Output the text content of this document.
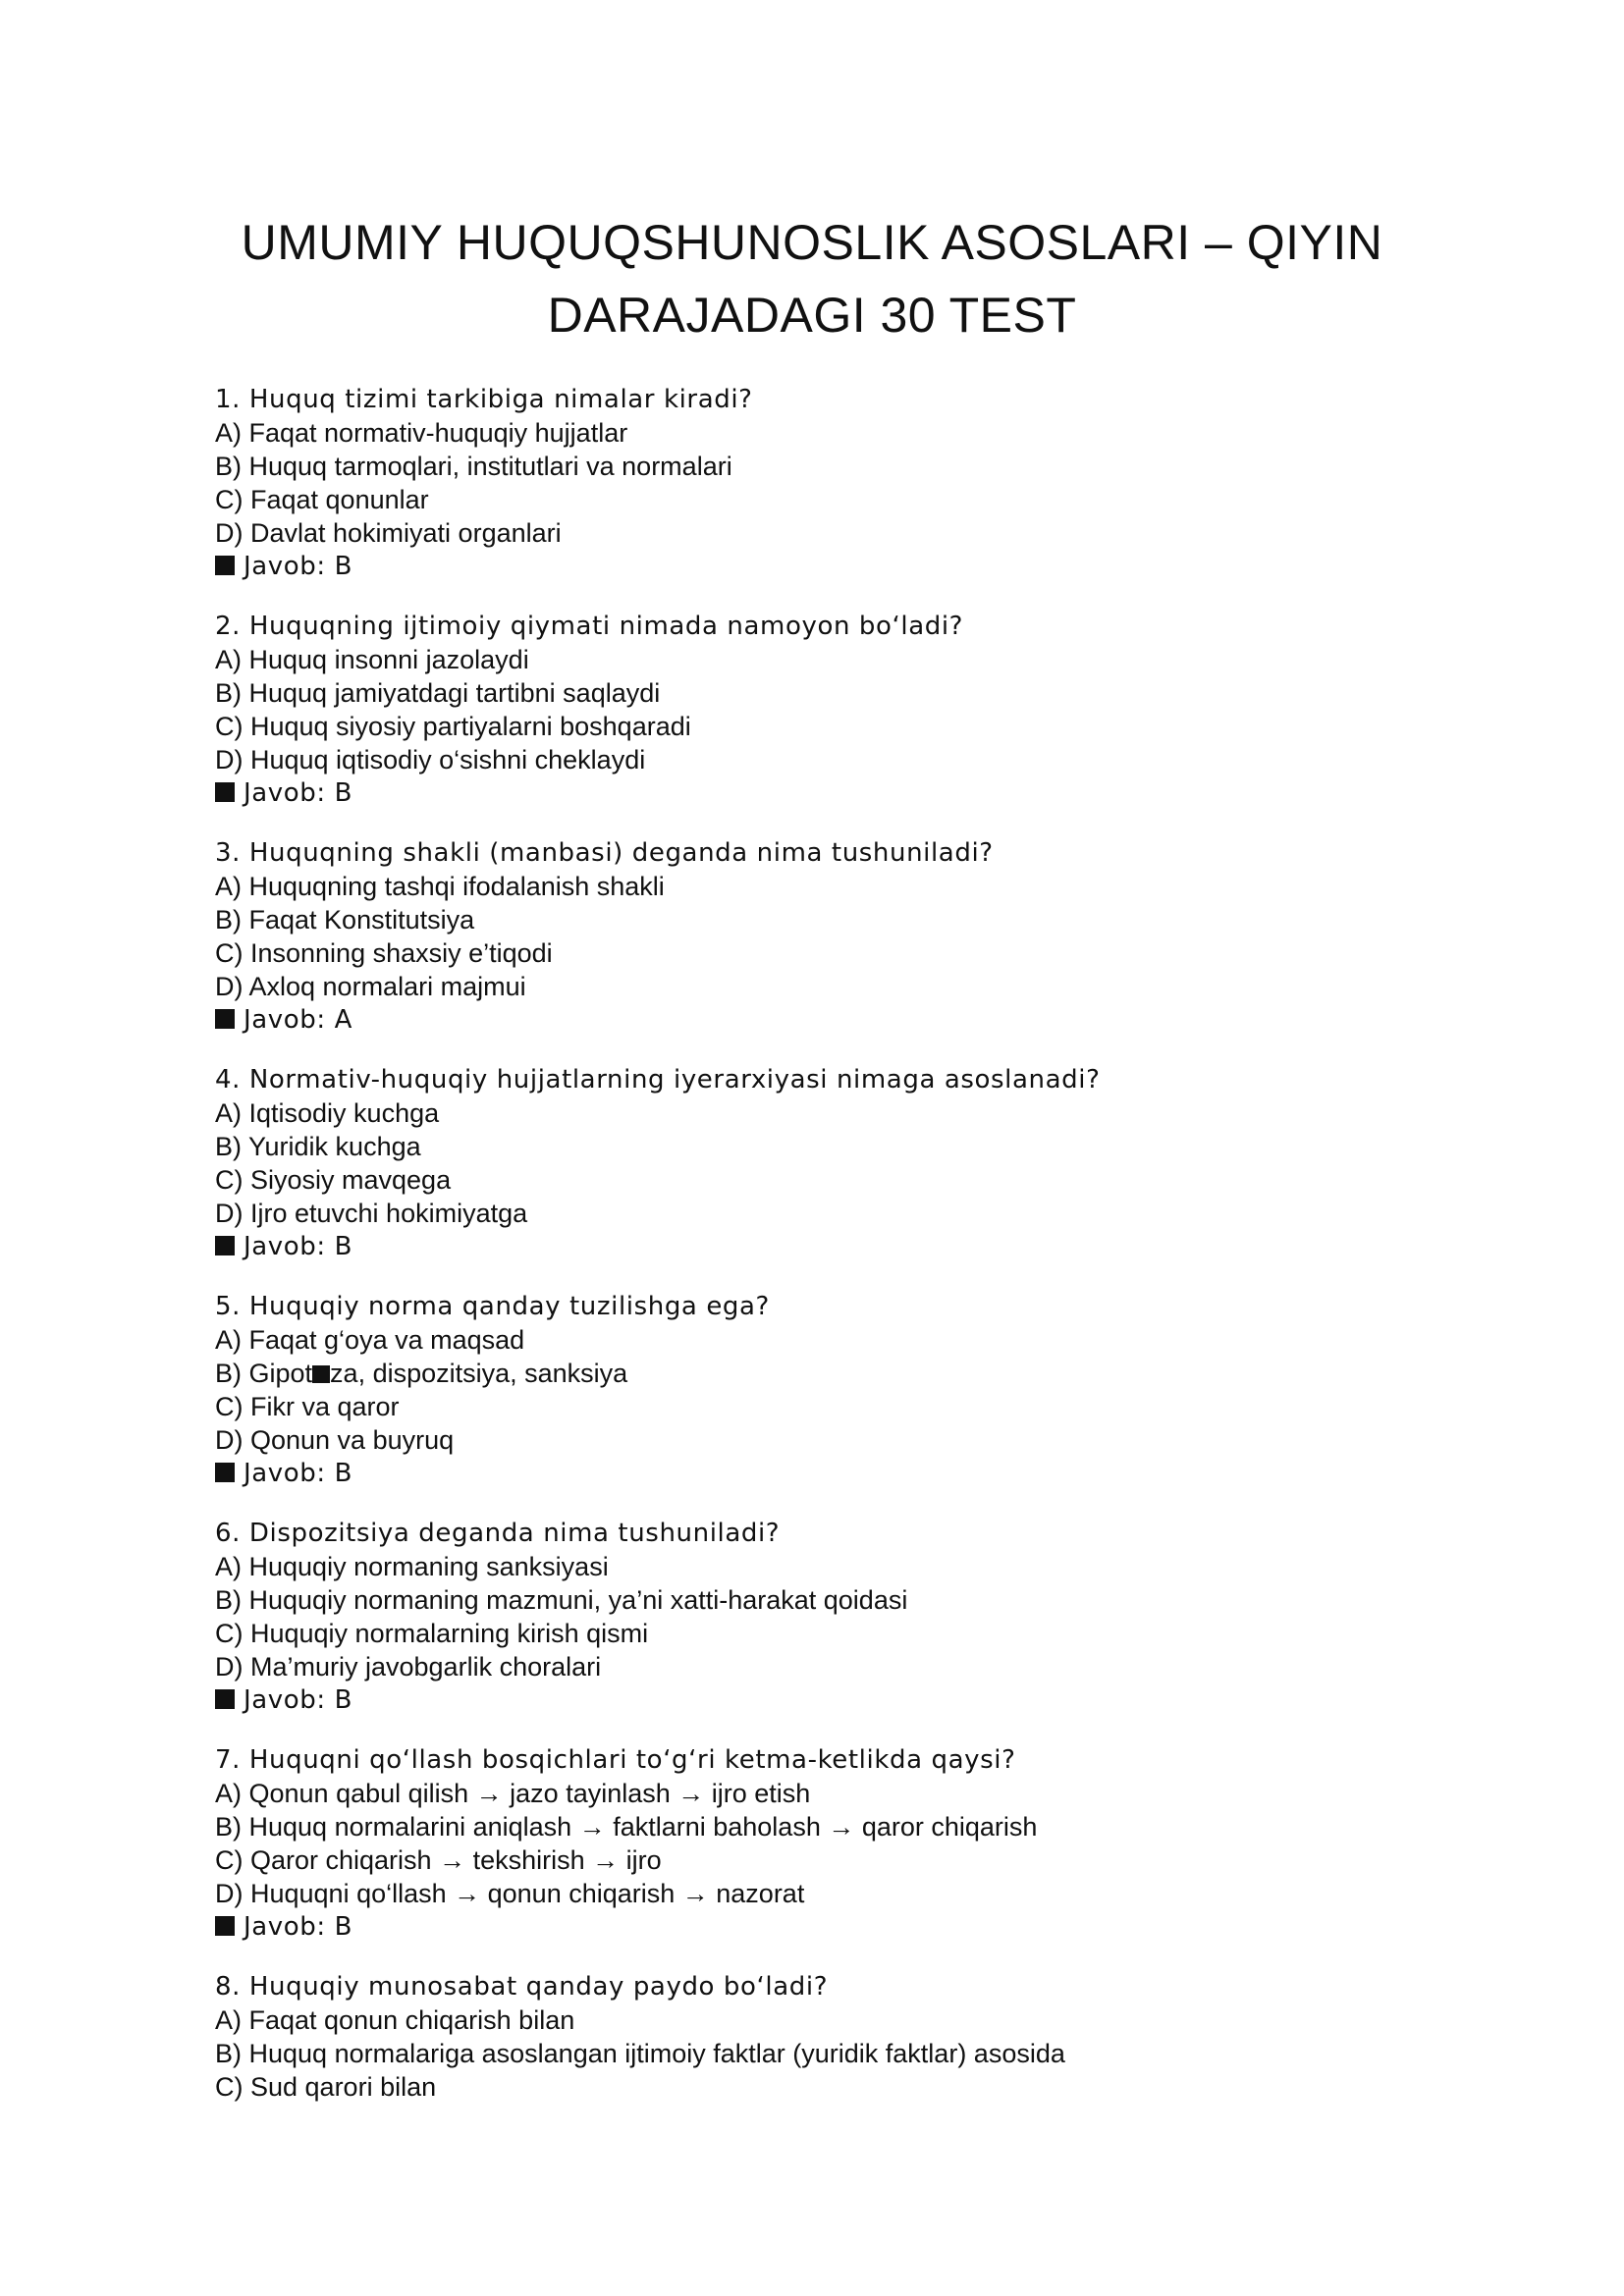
UMUMIY HUQUQSHUNOSLIK ASOSLARI – QIYIN
DARAJADAGI 30 TEST
1. Huquq tizimi tarkibiga nimalar kiradi?
A) Faqat normativ-huquqiy hujjatlar
B) Huquq tarmoqlari, institutlari va normalari
C) Faqat qonunlar
D) Davlat hokimiyati organlari
Javob: B
2. Huquqning ijtimoiy qiymati nimada namoyon bo‘ladi?
A) Huquq insonni jazolaydi
B) Huquq jamiyatdagi tartibni saqlaydi
C) Huquq siyosiy partiyalarni boshqaradi
D) Huquq iqtisodiy o‘sishni cheklaydi
Javob: B
3. Huquqning shakli (manbasi) deganda nima tushuniladi?
A) Huquqning tashqi ifodalanish shakli
B) Faqat Konstitutsiya
C) Insonning shaxsiy e’tiqodi
D) Axloq normalari majmui
Javob: A
4. Normativ-huquqiy hujjatlarning iyerarxiyasi nimaga asoslanadi?
A) Iqtisodiy kuchga
B) Yuridik kuchga
C) Siyosiy mavqega
D) Ijro etuvchi hokimiyatga
Javob: B
5. Huquqiy norma qanday tuzilishga ega?
A) Faqat g‘oya va maqsad
B) Gipot za, dispozitsiya, sanksiya
C) Fikr va qaror
D) Qonun va buyruq
Javob: B
6. Dispozitsiya deganda nima tushuniladi?
A) Huquqiy normaning sanksiyasi
B) Huquqiy normaning mazmuni, ya’ni xatti-harakat qoidasi
C) Huquqiy normalarning kirish qismi
D) Ma’muriy javobgarlik choralari
Javob: B
7. Huquqni qo‘llash bosqichlari to‘g‘ri ketma-ketlikda qaysi?
A) Qonun qabul qilish → jazo tayinlash → ijro etish
B) Huquq normalarini aniqlash → faktlarni baholash → qaror chiqarish
C) Qaror chiqarish → tekshirish → ijro
D) Huquqni qo‘llash → qonun chiqarish → nazorat
Javob: B
8. Huquqiy munosabat qanday paydo bo‘ladi?
A) Faqat qonun chiqarish bilan
B) Huquq normalariga asoslangan ijtimoiy faktlar (yuridik faktlar) asosida
C) Sud qarori bilan
